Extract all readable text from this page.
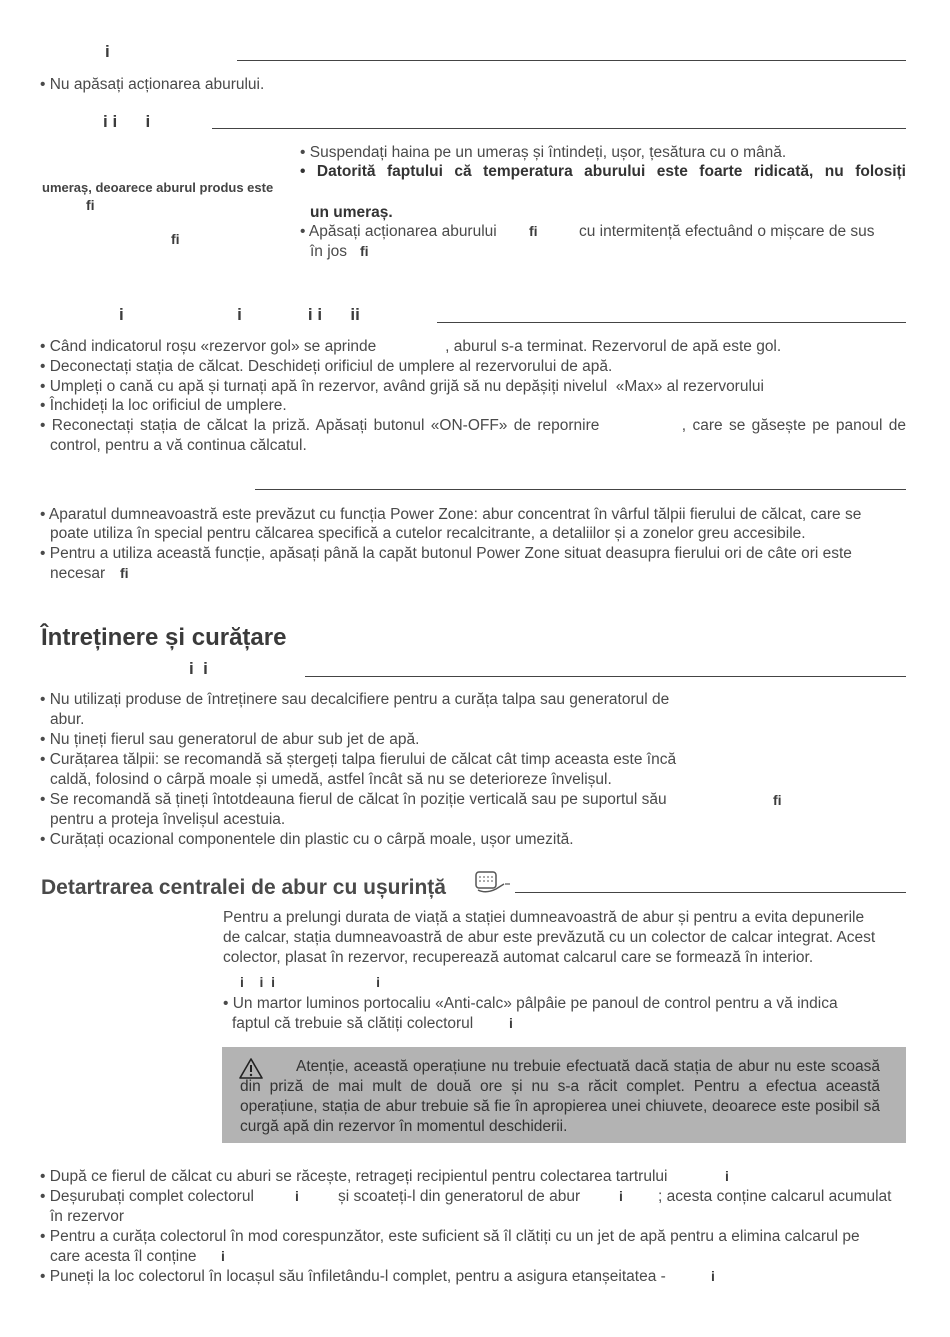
i
• Nu apăsați acționarea aburului.
i i      i
umeraș, deoarece aburul produs este
ﬁ
ﬁ
• Suspendați haina pe un umeraș și întindeți, ușor, țesătura cu o mână.
• Datorită faptului că temperatura aburului este foarte ridicată, nu folosiți
un umeraș.
• Apăsați acționarea aburului ﬁ	cu intermitență efectuând o mișcare de sus
în jos ﬁ
i                        i              i i      ii
• Când indicatorul roșu «rezervor gol» se aprinde                , aburul s-a terminat. Rezervorul de apă este gol.
• Deconectați stația de călcat. Deschideți orificiul de umplere al rezervorului de apă.
• Umpleți o cană cu apă și turnați apă în rezervor, având grijă să nu depășiți nivelul  «Max» al rezervorului
• Închideți la loc orificiul de umplere.
• Reconectați stația de călcat la priză. Apăsați butonul «ON-OFF» de repornire             , care se găsește pe panoul de
control, pentru a vă continua călcatul.
• Aparatul dumneavoastră este prevăzut cu funcția Power Zone: abur concentrat în vârful tălpii fierului de călcat, care se
poate utiliza în special pentru călcarea specifică a cutelor recalcitrante, a detaliilor și a zonelor greu accesibile.
• Pentru a utiliza această funcție, apăsați până la capăt butonul Power Zone situat deasupra fierului ori de câte ori este
necesar ﬁ
Întreținere și curățare
i  i
• Nu utilizați produse de întreținere sau decalcifiere pentru a curăța talpa sau generatorul de
abur.
• Nu țineți fierul sau generatorul de abur sub jet de apă.
• Curățarea tălpii: se recomandă să ștergeți talpa fierului de călcat cât timp aceasta este încă
caldă, folosind o cârpă moale și umedă, astfel încât să nu se deterioreze învelișul.
• Se recomandă să țineți întotdeauna fierul de călcat în poziție verticală sau pe suportul său	ﬁ
pentru a proteja învelișul acestuia.
• Curățați ocazional componentele din plastic cu o cârpă moale, ușor umezită.
Detartrarea centralei de abur cu ușurință
Pentru a prelungi durata de viață a stației dumneavoastră de abur și pentru a evita depunerile
de calcar, stația dumneavoastră de abur este prevăzută cu un colector de calcar integrat. Acest
colector, plasat în rezervor, recuperează automat calcarul care se formează în interior.
i    i  i                          i
• Un martor luminos portocaliu «Anti-calc» pâlpâie pe panoul de control pentru a vă indica
faptul că trebuie să clătiți colectorul	i
Atenție, această operațiune nu trebuie efectuată dacă stația de abur nu este scoasă din priză de mai mult de două ore și nu s-a răcit complet. Pentru a efectua această operațiune, stația de abur trebuie să fie în apropierea unei chiuvete, deoarece este posibil să curgă apă din rezervor în momentul deschiderii.
• După ce fierul de călcat cu aburi se răcește, retrageți recipientul pentru colectarea tartrului	i
• Deșurubați complet colectorul	i	și scoateți-l din generatorul de abur	i ; acesta conține calcarul acumulat
în rezervor
• Pentru a curăța colectorul în mod corespunzător, este suficient să îl clătiți cu un jet de apă pentru a elimina calcarul pe
care acesta îl conține i
• Puneți la loc colectorul în locașul său înfiletându-l complet, pentru a asigura etanșeitatea -	i
